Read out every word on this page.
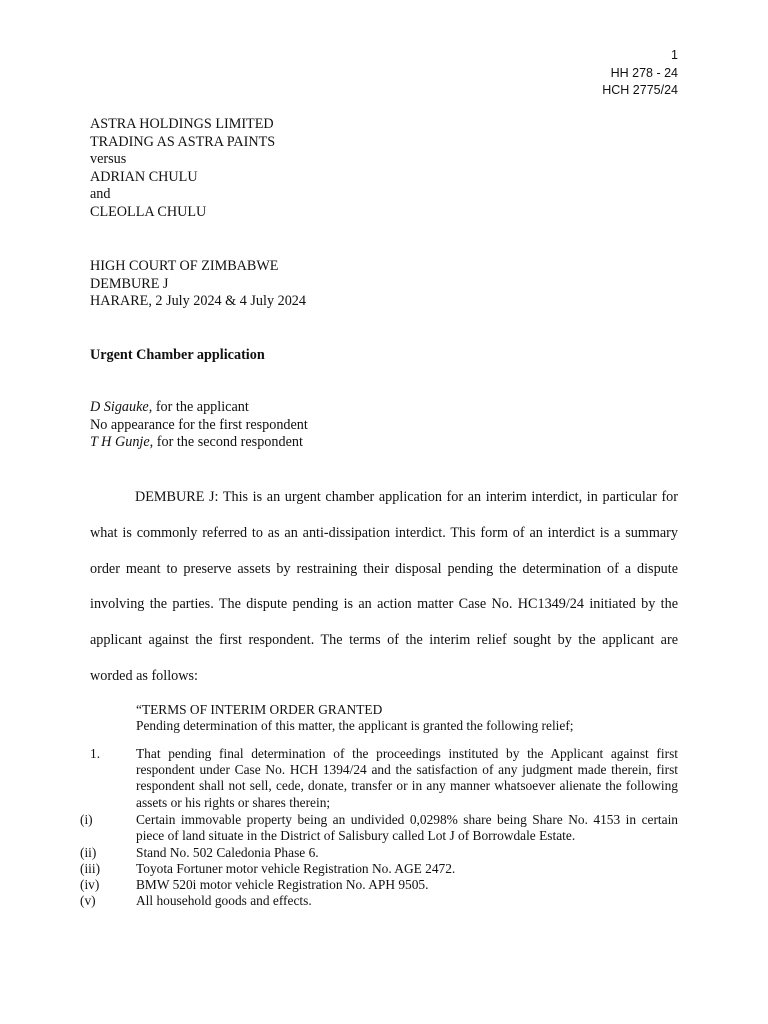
1
HH 278 - 24
HCH 2775/24
ASTRA HOLDINGS LIMITED
TRADING AS ASTRA PAINTS
versus
ADRIAN CHULU
and
CLEOLLA CHULU
HIGH COURT OF ZIMBABWE
DEMBURE J
HARARE, 2 July 2024 & 4 July 2024
Urgent Chamber application
D Sigauke, for the applicant
No appearance for the first respondent
T H Gunje, for the second respondent
DEMBURE J: This is an urgent chamber application for an interim interdict, in particular for what is commonly referred to as an anti-dissipation interdict. This form of an interdict is a summary order meant to preserve assets by restraining their disposal pending the determination of a dispute involving the parties. The dispute pending is an action matter Case No. HC1349/24 initiated by the applicant against the first respondent. The terms of the interim relief sought by the applicant are worded as follows:
“TERMS OF INTERIM ORDER GRANTED
Pending determination of this matter, the applicant is granted the following relief;
1.	That pending final determination of the proceedings instituted by the Applicant against first respondent under Case No. HCH 1394/24 and the satisfaction of any judgment made therein, first respondent shall not sell, cede, donate, transfer or in any manner whatsoever alienate the following assets or his rights or shares therein;
(i)	Certain immovable property being an undivided 0,0298% share being Share No. 4153 in certain piece of land situate in the District of Salisbury called Lot J of Borrowdale Estate.
(ii)	Stand No. 502 Caledonia Phase 6.
(iii)	Toyota Fortuner motor vehicle Registration No. AGE 2472.
(iv)	BMW 520i motor vehicle Registration No. APH 9505.
(v)	All household goods and effects.
